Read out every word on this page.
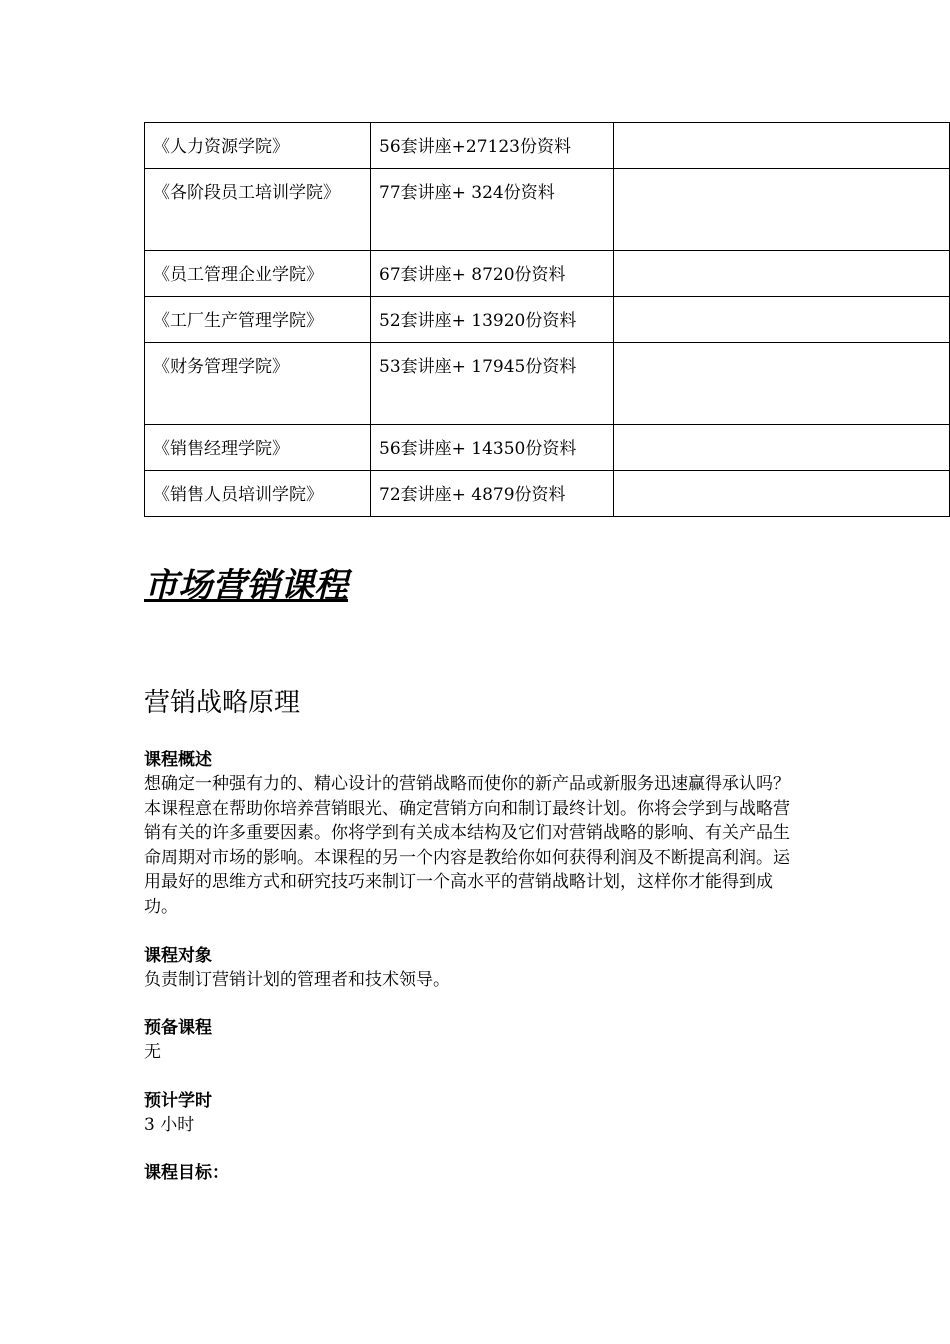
《人力资源学院》	56套讲座+27123份资料	
《各阶段员工培训学院》	77套讲座+ 324份资料	
《员工管理企业学院》	67套讲座+ 8720份资料	
《工厂生产管理学院》	52套讲座+ 13920份资料	
《财务管理学院》	53套讲座+ 17945份资料	
《销售经理学院》	56套讲座+ 14350份资料	
《销售人员培训学院》	72套讲座+ 4879份资料	
市场营销课程
营销战略原理
课程概述
想确定一种强有力的、精心设计的营销战略而使你的新产品或新服务迅速赢得承认吗？本课程意在帮助你培养营销眼光、确定营销方向和制订最终计划。你将会学到与战略营销有关的许多重要因素。你将学到有关成本结构及它们对营销战略的影响、有关产品生命周期对市场的影响。本课程的另一个内容是教给你如何获得利润及不断提高利润。运用最好的思维方式和研究技巧来制订一个高水平的营销战略计划，这样你才能得到成功。
课程对象
负责制订营销计划的管理者和技术领导。
预备课程
无
预计学时
3 小时
课程目标：
